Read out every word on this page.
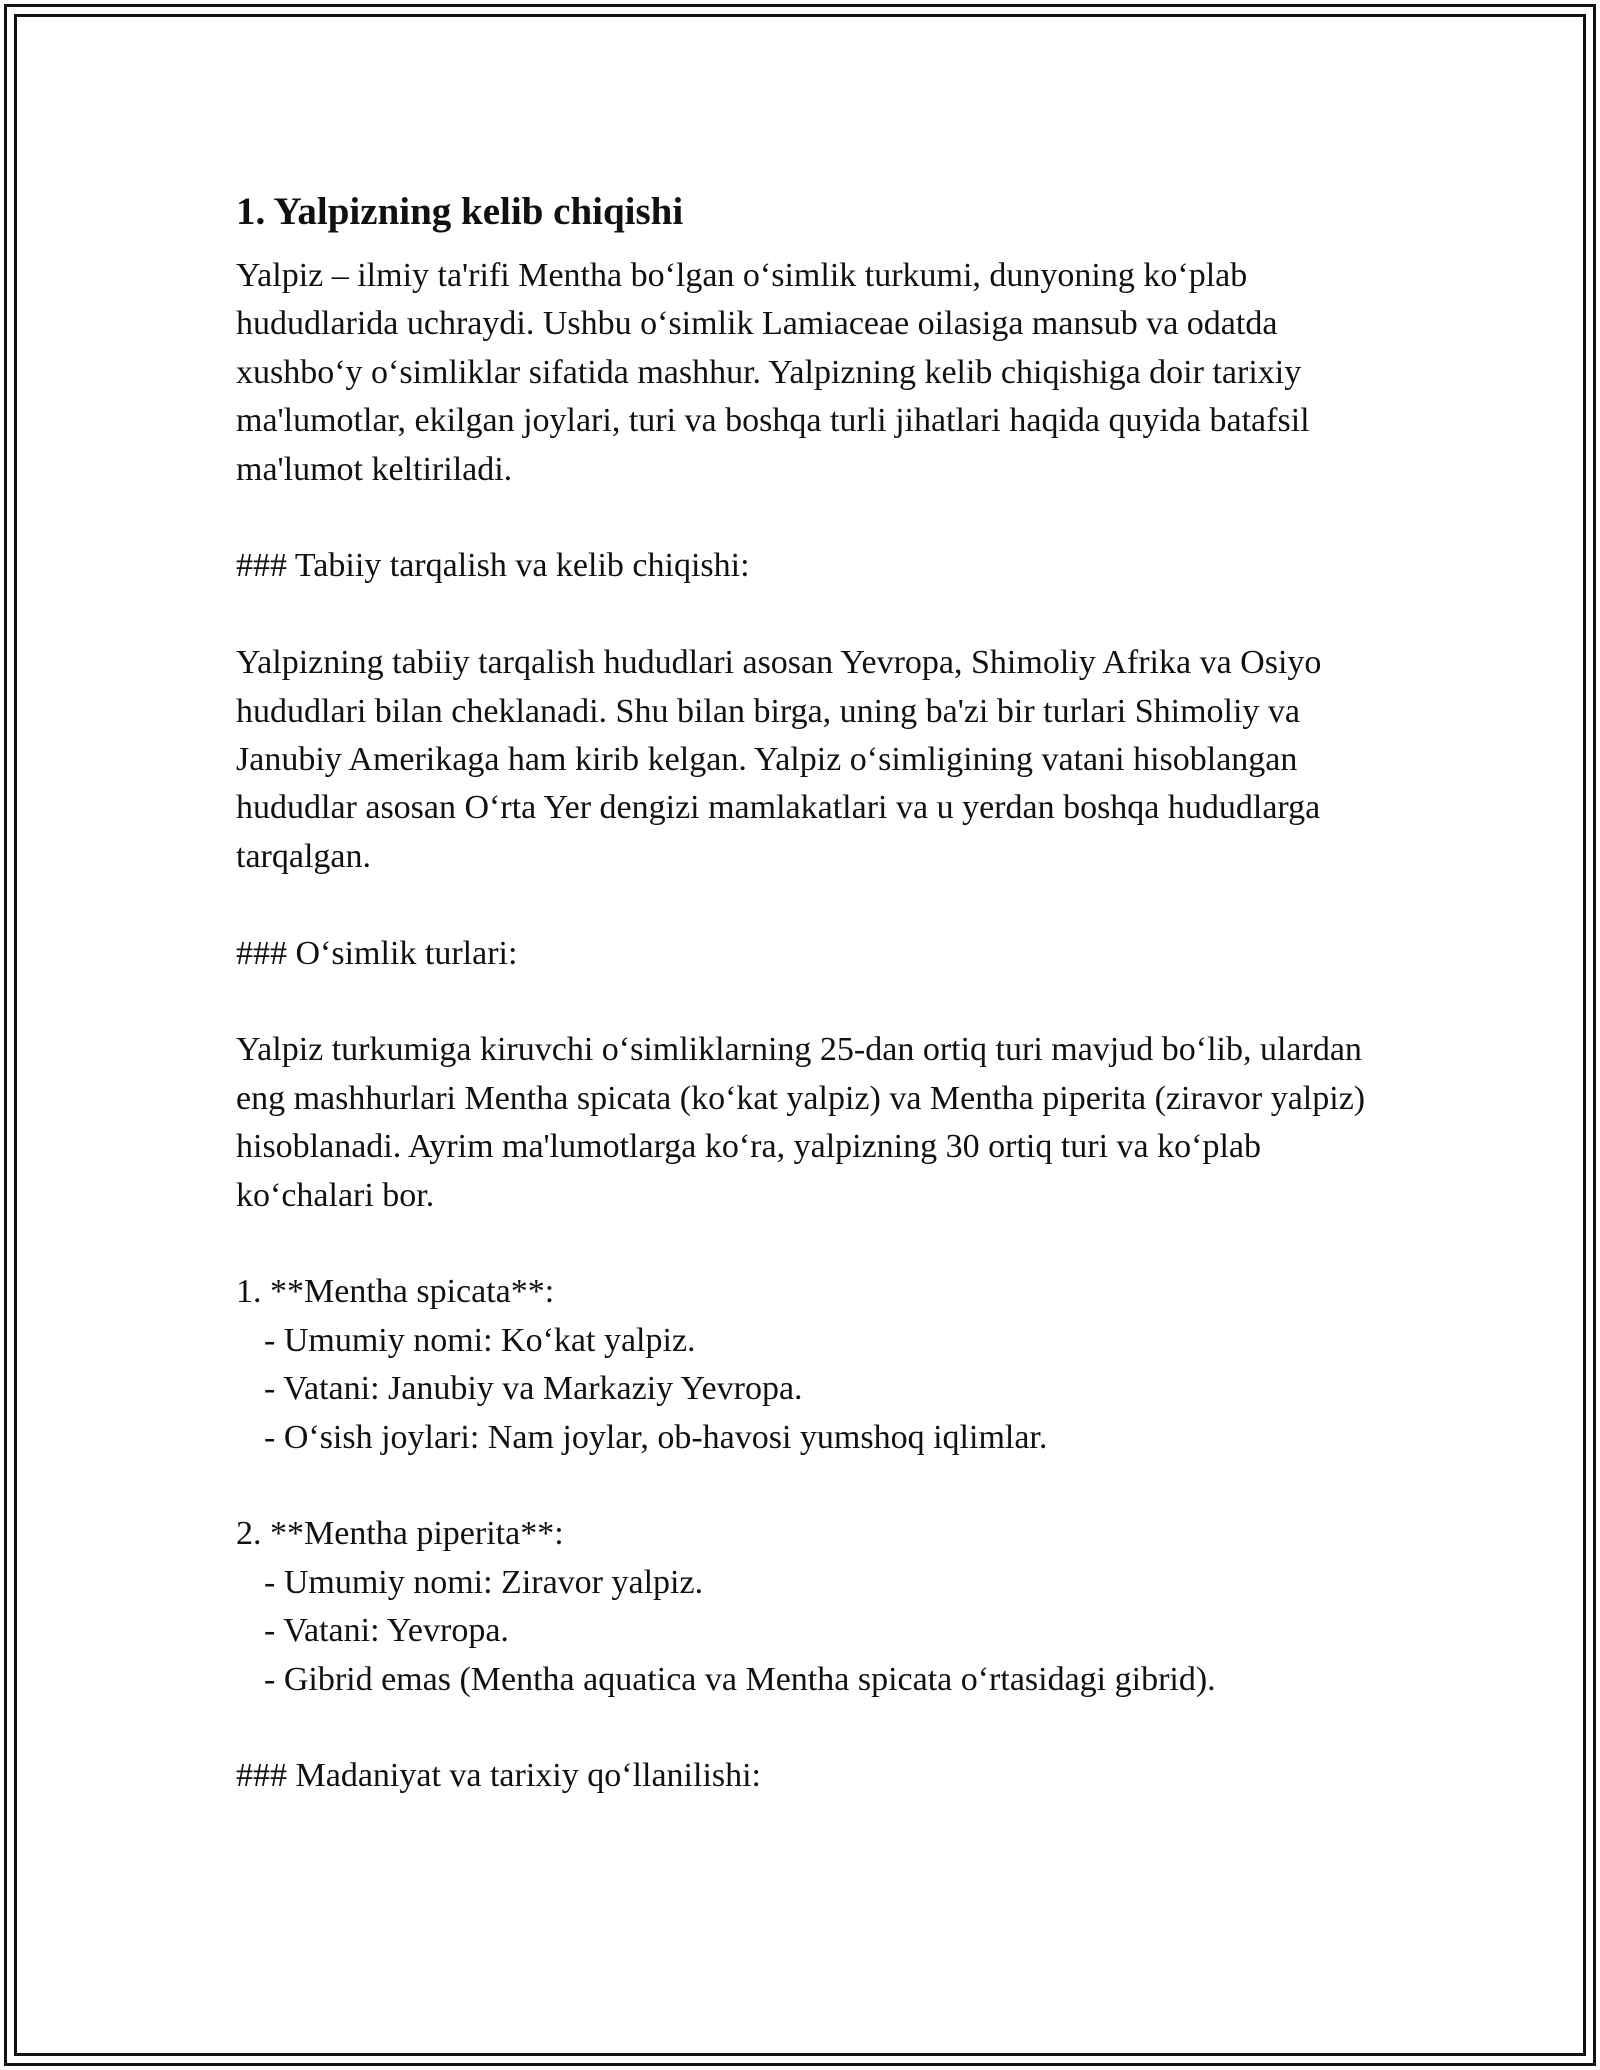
1. Yalpizning kelib chiqishi

Yalpiz – ilmiy ta'rifi Mentha bo‘lgan o‘simlik turkumi, dunyoning ko‘plab hududlarida uchraydi. Ushbu o‘simlik Lamiaceae oilasiga mansub va odatda xushbo‘y o‘simliklar sifatida mashhur. Yalpizning kelib chiqishiga doir tarixiy ma'lumotlar, ekilgan joylari, turi va boshqa turli jihatlari haqida quyida batafsil ma'lumot keltiriladi.

### Tabiiy tarqalish va kelib chiqishi:

Yalpizning tabiiy tarqalish hududlari asosan Yevropa, Shimoliy Afrika va Osiyo hududlari bilan cheklanadi. Shu bilan birga, uning ba'zi bir turlari Shimoliy va Janubiy Amerikaga ham kirib kelgan. Yalpiz o‘simligining vatani hisoblangan hududlar asosan O‘rta Yer dengizi mamlakatlari va u yerdan boshqa hududlarga tarqalgan.

### O‘simlik turlari:

Yalpiz turkumiga kiruvchi o‘simliklarning 25-dan ortiq turi mavjud bo‘lib, ulardan eng mashhurlari Mentha spicata (ko‘kat yalpiz) va Mentha piperita (ziravor yalpiz) hisoblanadi. Ayrim ma'lumotlarga ko‘ra, yalpizning 30 ortiq turi va ko‘plab ko‘chalari bor.

1. **Mentha spicata**:

- Umumiy nomi: Ko‘kat yalpiz.

- Vatani: Janubiy va Markaziy Yevropa.

- O‘sish joylari: Nam joylar, ob-havosi yumshoq iqlimlar.

2. **Mentha piperita**:

- Umumiy nomi: Ziravor yalpiz.

- Vatani: Yevropa.

- Gibrid emas (Mentha aquatica va Mentha spicata o‘rtasidagi gibrid).

### Madaniyat va tarixiy qo‘llanilishi:
